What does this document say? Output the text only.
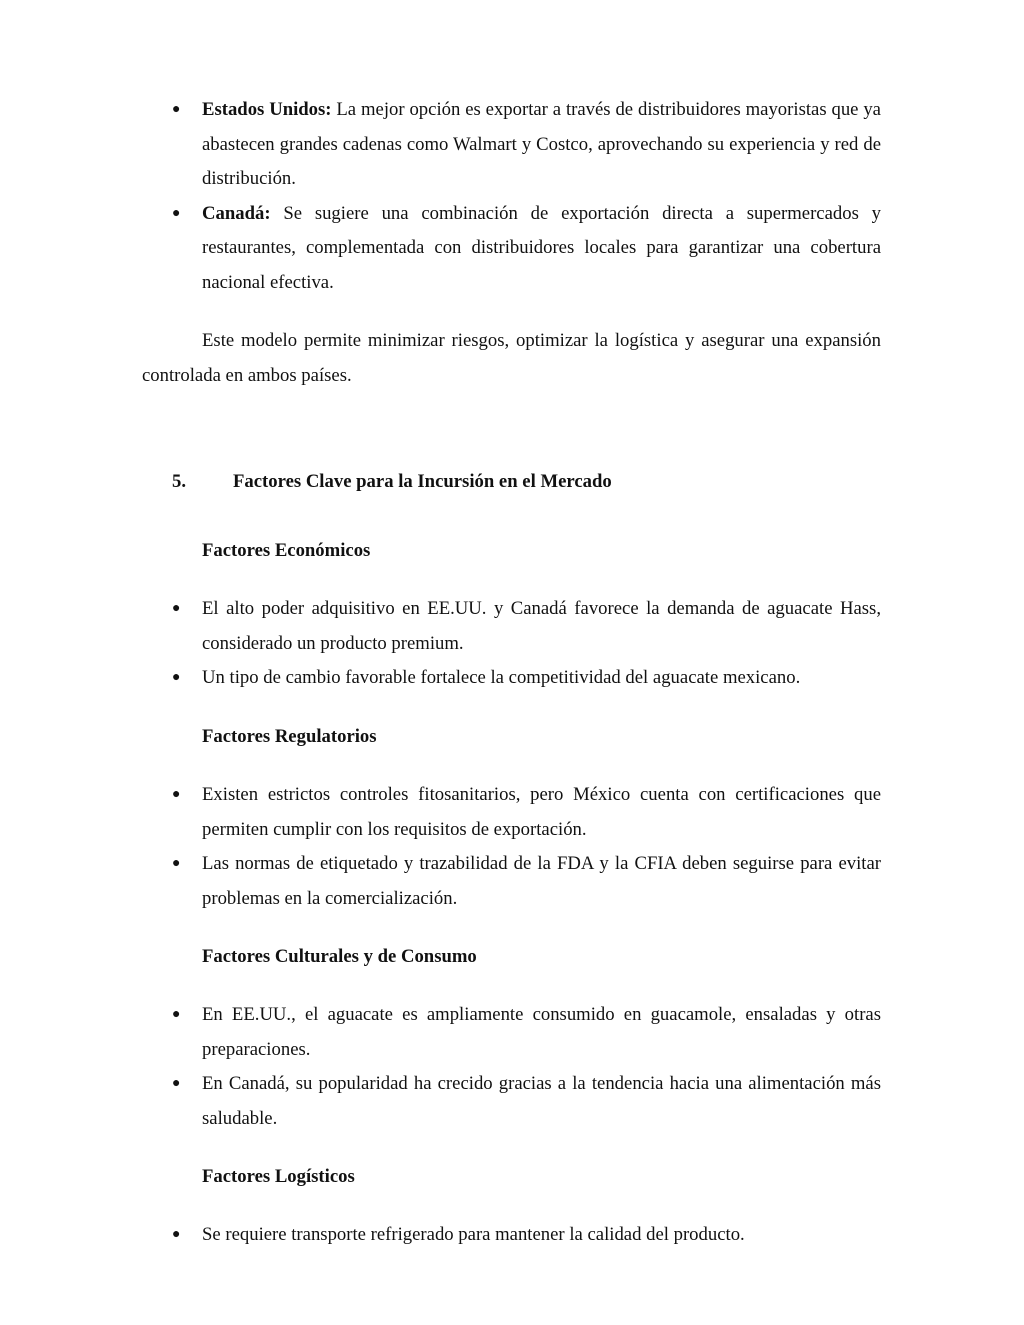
● Estados Unidos: La mejor opción es exportar a través de distribuidores mayoristas que ya abastecen grandes cadenas como Walmart y Costco, aprovechando su experiencia y red de distribución.
● Canadá: Se sugiere una combinación de exportación directa a supermercados y restaurantes, complementada con distribuidores locales para garantizar una cobertura nacional efectiva.

Este modelo permite minimizar riesgos, optimizar la logística y asegurar una expansión controlada en ambos países.

5.	Factores Clave para la Incursión en el Mercado
Factores Económicos
● El alto poder adquisitivo en EE.UU. y Canadá favorece la demanda de aguacate Hass, considerado un producto premium.
● Un tipo de cambio favorable fortalece la competitividad del aguacate mexicano.
Factores Regulatorios
● Existen estrictos controles fitosanitarios, pero México cuenta con certificaciones que permiten cumplir con los requisitos de exportación.
● Las normas de etiquetado y trazabilidad de la FDA y la CFIA deben seguirse para evitar problemas en la comercialización.
Factores Culturales y de Consumo
● En EE.UU., el aguacate es ampliamente consumido en guacamole, ensaladas y otras preparaciones.
● En Canadá, su popularidad ha crecido gracias a la tendencia hacia una alimentación más saludable.
Factores Logísticos
● Se requiere transporte refrigerado para mantener la calidad del producto.
